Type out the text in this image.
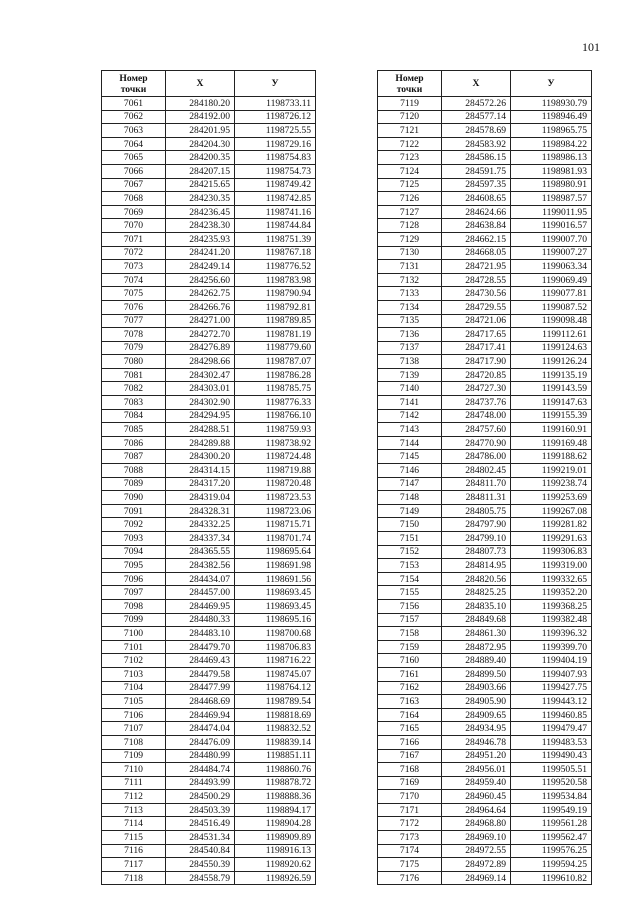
101
Номер
точки	X	У
7061	284180.20	1198733.11
7062	284192.00	1198726.12
7063	284201.95	1198725.55
7064	284204.30	1198729.16
7065	284200.35	1198754.83
7066	284207.15	1198754.73
7067	284215.65	1198749.42
7068	284230.35	1198742.85
7069	284236.45	1198741.16
7070	284238.30	1198744.84
7071	284235.93	1198751.39
7072	284241.20	1198767.18
7073	284249.14	1198776.52
7074	284256.60	1198783.98
7075	284262.75	1198790.94
7076	284266.76	1198792.81
7077	284271.00	1198789.85
7078	284272.70	1198781.19
7079	284276.89	1198779.60
7080	284298.66	1198787.07
7081	284302.47	1198786.28
7082	284303.01	1198785.75
7083	284302.90	1198776.33
7084	284294.95	1198766.10
7085	284288.51	1198759.93
7086	284289.88	1198738.92
7087	284300.20	1198724.48
7088	284314.15	1198719.88
7089	284317.20	1198720.48
7090	284319.04	1198723.53
7091	284328.31	1198723.06
7092	284332.25	1198715.71
7093	284337.34	1198701.74
7094	284365.55	1198695.64
7095	284382.56	1198691.98
7096	284434.07	1198691.56
7097	284457.00	1198693.45
7098	284469.95	1198693.45
7099	284480.33	1198695.16
7100	284483.10	1198700.68
7101	284479.70	1198706.83
7102	284469.43	1198716.22
7103	284479.58	1198745.07
7104	284477.99	1198764.12
7105	284468.69	1198789.54
7106	284469.94	1198818.69
7107	284474.04	1198832.52
7108	284476.09	1198839.14
7109	284480.99	1198851.11
7110	284484.74	1198860.76
7111	284493.99	1198878.72
7112	284500.29	1198888.36
7113	284503.39	1198894.17
7114	284516.49	1198904.28
7115	284531.34	1198909.89
7116	284540.84	1198916.13
7117	284550.39	1198920.62
7118	284558.79	1198926.59
Номер
точки	X	У
7119	284572.26	1198930.79
7120	284577.14	1198946.49
7121	284578.69	1198965.75
7122	284583.92	1198984.22
7123	284586.15	1198986.13
7124	284591.75	1198981.93
7125	284597.35	1198980.91
7126	284608.65	1198987.57
7127	284624.66	1199011.95
7128	284638.84	1199016.57
7129	284662.15	1199007.70
7130	284668.05	1199007.27
7131	284721.95	1199063.34
7132	284728.55	1199069.49
7133	284730.56	1199077.81
7134	284729.55	1199087.52
7135	284721.06	1199098.48
7136	284717.65	1199112.61
7137	284717.41	1199124.63
7138	284717.90	1199126.24
7139	284720.85	1199135.19
7140	284727.30	1199143.59
7141	284737.76	1199147.63
7142	284748.00	1199155.39
7143	284757.60	1199160.91
7144	284770.90	1199169.48
7145	284786.00	1199188.62
7146	284802.45	1199219.01
7147	284811.70	1199238.74
7148	284811.31	1199253.69
7149	284805.75	1199267.08
7150	284797.90	1199281.82
7151	284799.10	1199291.63
7152	284807.73	1199306.83
7153	284814.95	1199319.00
7154	284820.56	1199332.65
7155	284825.25	1199352.20
7156	284835.10	1199368.25
7157	284849.68	1199382.48
7158	284861.30	1199396.32
7159	284872.95	1199399.70
7160	284889.40	1199404.19
7161	284899.50	1199407.93
7162	284903.66	1199427.75
7163	284905.90	1199443.12
7164	284909.65	1199460.85
7165	284934.95	1199479.47
7166	284946.78	1199483.53
7167	284951.20	1199490.43
7168	284956.01	1199505.51
7169	284959.40	1199520.58
7170	284960.45	1199534.84
7171	284964.64	1199549.19
7172	284968.80	1199561.28
7173	284969.10	1199562.47
7174	284972.55	1199576.25
7175	284972.89	1199594.25
7176	284969.14	1199610.82
